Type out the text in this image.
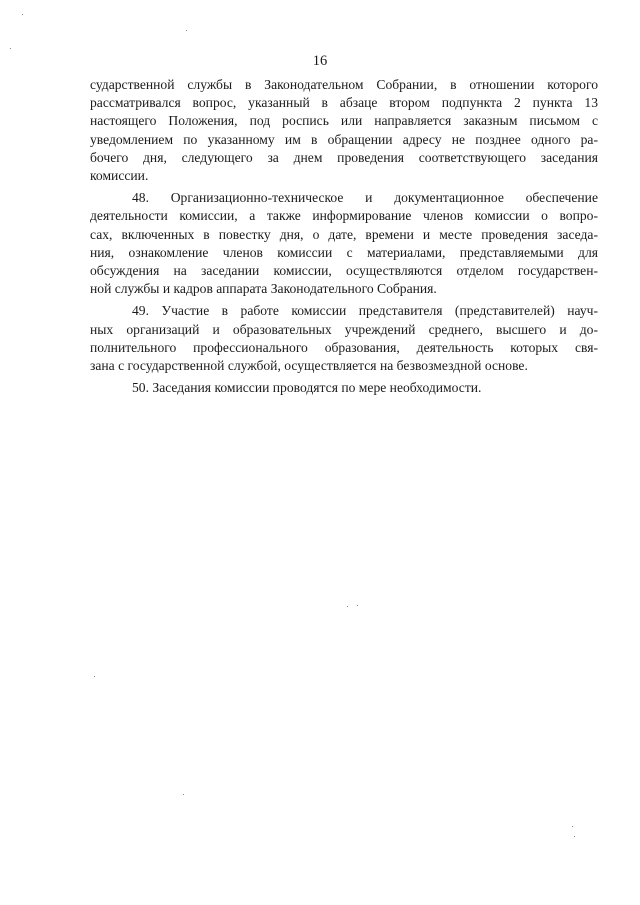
16

сударственной службы в Законодательном Собрании, в отношении которого
рассматривался вопрос, указанный в абзаце втором подпункта 2 пункта 13
настоящего Положения, под роспись или направляется заказным письмом с
уведомлением по указанному им в обращении адресу не позднее одного ра-
бочего дня, следующего за днем проведения соответствующего заседания
комиссии.

48. Организационно-техническое и документационное обеспечение
деятельности комиссии, а также информирование членов комиссии о вопро-
сах, включенных в повестку дня, о дате, времени и месте проведения заседа-
ния, ознакомление членов комиссии с материалами, представляемыми для
обсуждения на заседании комиссии, осуществляются отделом государствен-
ной службы и кадров аппарата Законодательного Собрания.

49. Участие в работе комиссии представителя (представителей) науч-
ных организаций и образовательных учреждений среднего, высшего и до-
полнительного профессионального образования, деятельность которых свя-
зана с государственной службой, осуществляется на безвозмездной основе.

50. Заседания комиссии проводятся по мере необходимости.
